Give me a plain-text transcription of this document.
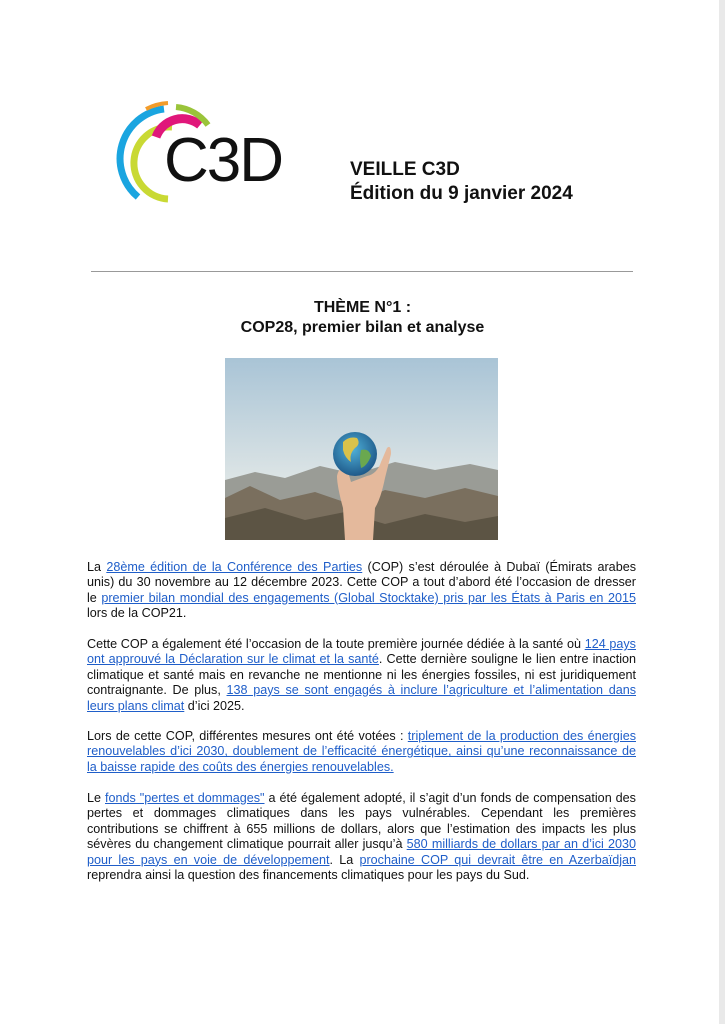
C3D	VEILLE C3D
Édition du 9 janvier 2024
THÈME N°1 :
COP28, premier bilan et analyse
La 28ème édition de la Conférence des Parties (COP) s’est déroulée à Dubaï (Émirats arabes unis) du 30 novembre au 12 décembre 2023. Cette COP a tout d’abord été l’occasion de dresser le premier bilan mondial des engagements (Global Stocktake) pris par les États à Paris en 2015 lors de la COP21.
Cette COP a également été l’occasion de la toute première journée dédiée à la santé où 124 pays ont approuvé la Déclaration sur le climat et la santé. Cette dernière souligne le lien entre inaction climatique et santé mais en revanche ne mentionne ni les énergies fossiles, ni est juridiquement contraignante. De plus, 138 pays se sont engagés à inclure l’agriculture et l’alimentation dans leurs plans climat d’ici 2025.
Lors de cette COP, différentes mesures ont été votées : triplement de la production des énergies renouvelables d’ici 2030, doublement de l’efficacité énergétique, ainsi qu’une reconnaissance de la baisse rapide des coûts des énergies renouvelables.
Le fonds "pertes et dommages" a été également adopté, il s’agit d’un fonds de compensation des pertes et dommages climatiques dans les pays vulnérables. Cependant les premières contributions se chiffrent à 655 millions de dollars, alors que l’estimation des impacts les plus sévères du changement climatique pourrait aller jusqu’à 580 milliards de dollars par an d’ici 2030 pour les pays en voie de développement. La prochaine COP qui devrait être en Azerbaïdjan reprendra ainsi la question des financements climatiques pour les pays du Sud.
